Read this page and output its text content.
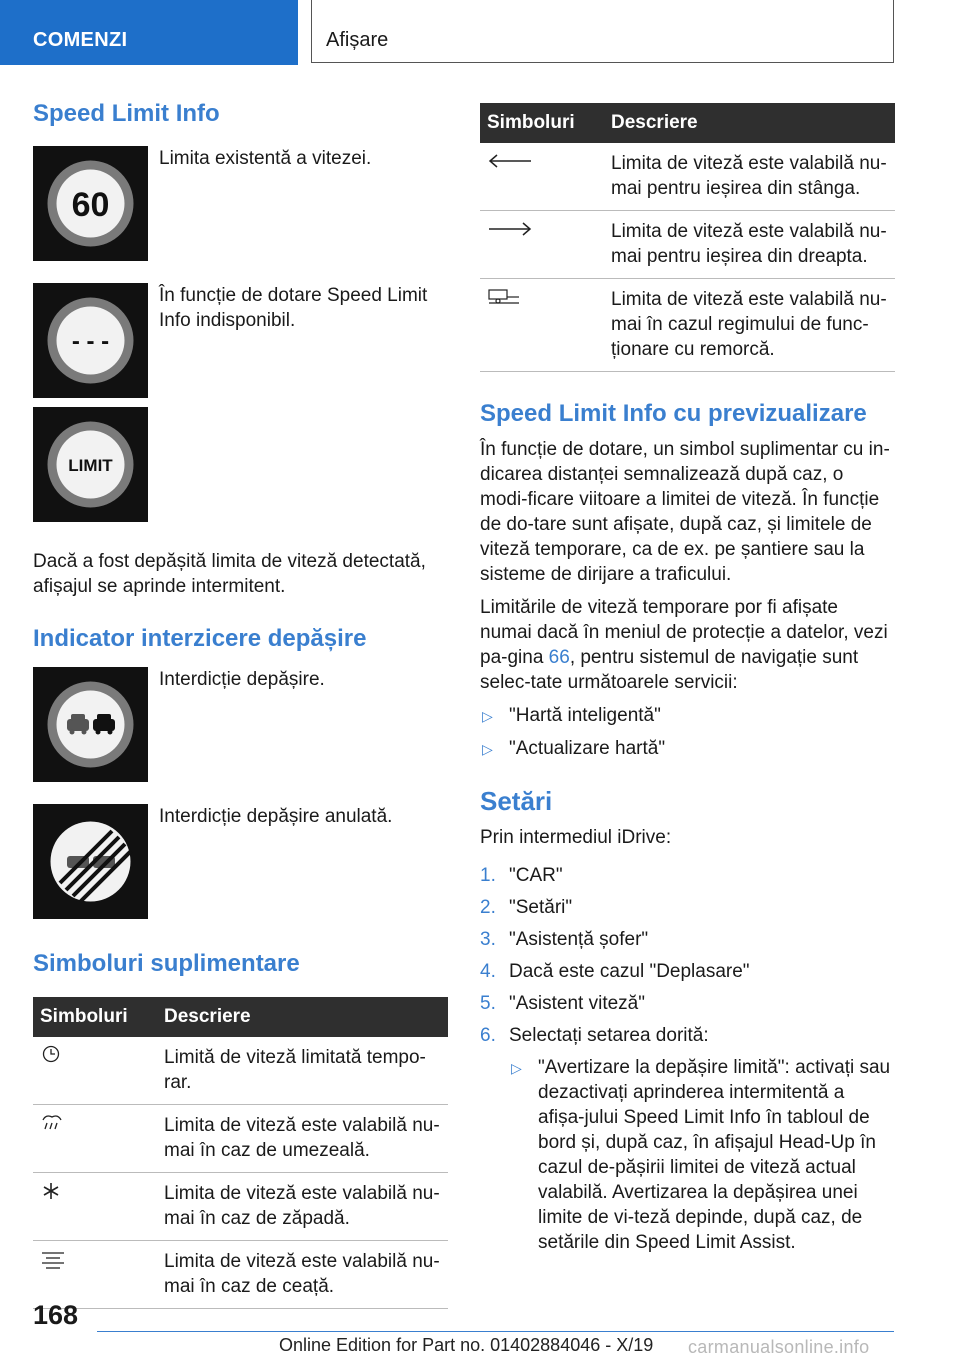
COMENZI	Afișare
Speed Limit Info
60
Limita existentă a vitezei.
- - -
În funcție de dotare Speed Limit Info indisponibil.
LIMIT

Dacă a fost depășită limita de viteză detectată, afișajul se aprinde intermitent.

Indicator interzicere depășire
Interdicție depășire.
Interdicție depășire anulată.
Simboluri suplimentare
Simboluri	Descriere
	Limită de viteză limitată tempo-rar.
	Limita de viteză este valabilă nu-mai în caz de umezeală.
	Limita de viteză este valabilă nu-mai în caz de zăpadă.
	Limita de viteză este valabilă nu-mai în caz de ceață.
Simboluri	Descriere
	Limita de viteză este valabilă nu-mai pentru ieșirea din stânga.
	Limita de viteză este valabilă nu-mai pentru ieșirea din dreapta.
	Limita de viteză este valabilă nu-mai în cazul regimului de func-ționare cu remorcă.
Speed Limit Info cu previzualizare

În funcție de dotare, un simbol suplimentar cu in-dicarea distanței semnalizează după caz, o modi-ficare viitoare a limitei de viteză. În funcție de do-tare sunt afișate, după caz, și limitele de viteză temporare, ca de ex. pe șantiere sau la sisteme de dirijare a traficului.

Limitările de viteză temporare por fi afișate numai dacă în meniul de protecție a datelor, vezi pa-gina 66, pentru sistemul de navigație sunt selec-tate următoarele servicii:

▷ "Hartă inteligentă"
▷ "Actualizare hartă"
Setări

Prin intermediul iDrive:

1. "CAR"
2. "Setări"
3. "Asistență șofer"
4. Dacă este cazul "Deplasare"
5. "Asistent viteză"
6. Selectați setarea dorită:
▷ "Avertizare la depășire limită": activați sau dezactivați aprinderea intermitentă a afișa-jului Speed Limit Info în tabloul de bord și, după caz, în afișajul Head-Up în cazul de-pășirii limitei de viteză actual valabilă. Avertizarea la depășirea unei limite de vi-teză depinde, după caz, de setările din Speed Limit Assist.
168
Online Edition for Part no. 01402884046 - X/19 carmanualsonline.info
